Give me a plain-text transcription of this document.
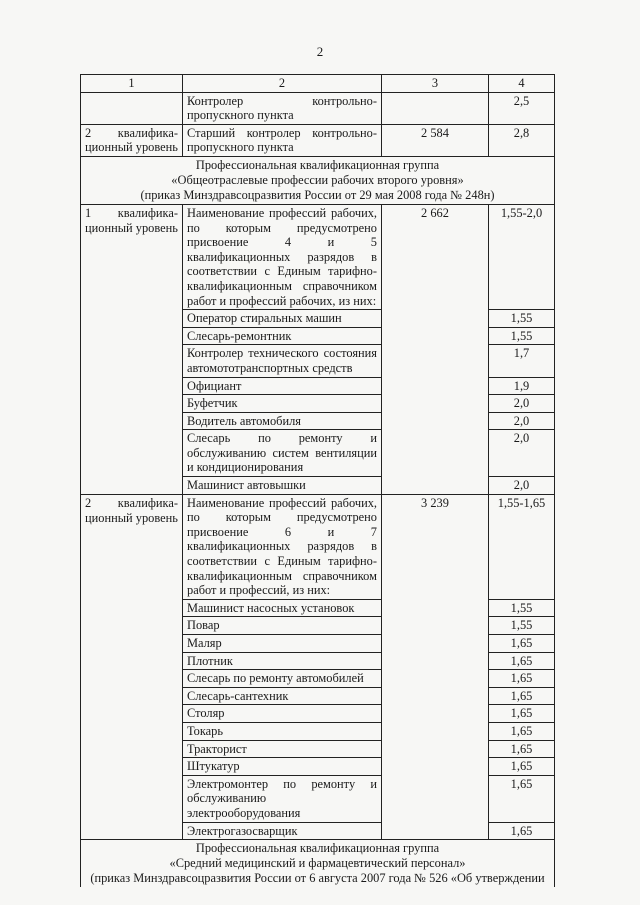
2
1	2	3	4
	Контролер контрольно-пропускного пункта		2,5
2 квалифика-ционный уровень	Старший контролер контрольно-пропускного пункта	2 584	2,8

Профессиональная квалификационная группа
«Общеотраслевые профессии рабочих второго уровня»
(приказ Минздравсоцразвития России от 29 мая 2008 года № 248н)			

1 квалифика-ционный уровень	Наименование профессий рабочих, по которым предусмотрено присвоение 4 и 5 квалификационных разрядов в соответствии с Единым тарифно-квалификационным справочником работ и профессий рабочих, из них:	2 662	1,55-2,0
	Оператор стиральных машин		1,55
	Слесарь-ремонтник		1,55
	Контролер технического состояния автомототранспортных средств		1,7
	Официант		1,9
	Буфетчик		2,0
	Водитель автомобиля		2,0
	Слесарь по ремонту и обслуживанию систем вентиляции и кондиционирования		2,0
	Машинист автовышки		2,0
2 квалифика-ционный уровень	Наименование профессий рабочих, по которым предусмотрено присвоение 6 и 7 квалификационных разрядов в соответствии с Единым тарифно-квалификационным справочником работ и профессий, из них:	3 239	1,55-1,65
	Машинист насосных установок		1,55
	Повар		1,55
	Маляр		1,65
	Плотник		1,65
	Слесарь по ремонту автомобилей		1,65
	Слесарь-сантехник		1,65
	Столяр		1,65
	Токарь		1,65
	Тракторист		1,65
	Штукатур		1,65
	Электромонтер по ремонту и обслуживанию электрооборудования		1,65
	Электрогазосварщик		1,65

Профессиональная квалификационная группа
«Средний медицинский и фармацевтический персонал»
(приказ Минздравсоцразвития России от 6 августа 2007 года № 526 «Об утверждении			
